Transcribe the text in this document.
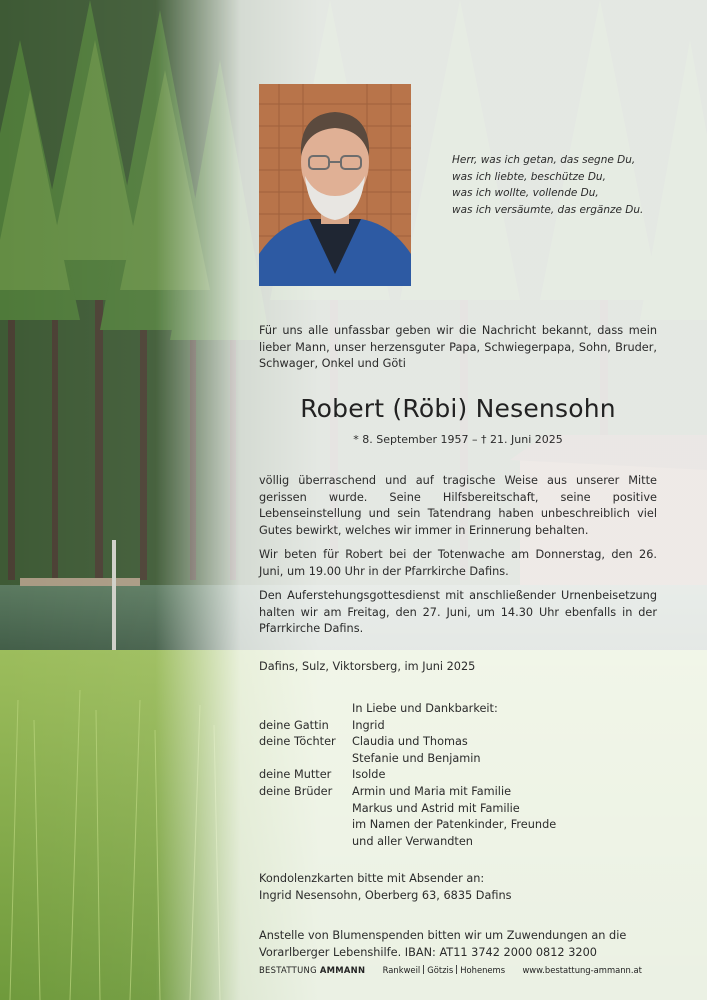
Herr, was ich getan, das segne Du,
was ich liebte, beschütze Du,
was ich wollte, vollende Du,
was ich versäumte, das ergänze Du.
Für uns alle unfassbar geben wir die Nachricht bekannt, dass mein lieber Mann, unser herzensguter Papa, Schwiegerpapa, Sohn, Bruder, Schwager, Onkel und Göti
Robert (Röbi) Nesensohn
* 8. September 1957 – † 21. Juni 2025
völlig überraschend und auf tragische Weise aus unserer Mitte gerissen wurde. Seine Hilfsbereitschaft, seine positive Lebenseinstellung und sein Tatendrang haben unbeschreiblich viel Gutes bewirkt, welches wir immer in Erinnerung behalten.
Wir beten für Robert bei der Totenwache am Donnerstag, den 26. Juni, um 19.00 Uhr in der Pfarrkirche Dafins.
Den Auferstehungsgottesdienst mit anschließender Urnenbeisetzung halten wir am Freitag, den 27. Juni, um 14.30 Uhr ebenfalls in der Pfarrkirche Dafins.
Dafins, Sulz, Viktorsberg, im Juni 2025
In Liebe und Dankbarkeit:
deine Gattin	Ingrid
deine Töchter	Claudia und Thomas
Stefanie und Benjamin
deine Mutter	Isolde
deine Brüder	Armin und Maria mit Familie
Markus und Astrid mit Familie
im Namen der Patenkinder, Freunde
und aller Verwandten
Kondolenzkarten bitte mit Absender an:
Ingrid Nesensohn, Oberberg 63, 6835 Dafins
Anstelle von Blumenspenden bitten wir um Zuwendungen an die
Vorarlberger Lebenshilfe. IBAN: AT11 3742 2000 0812 3200
BESTATTUNG AMMANN Rankweil Götzis Hohenems www.bestattung-ammann.at
